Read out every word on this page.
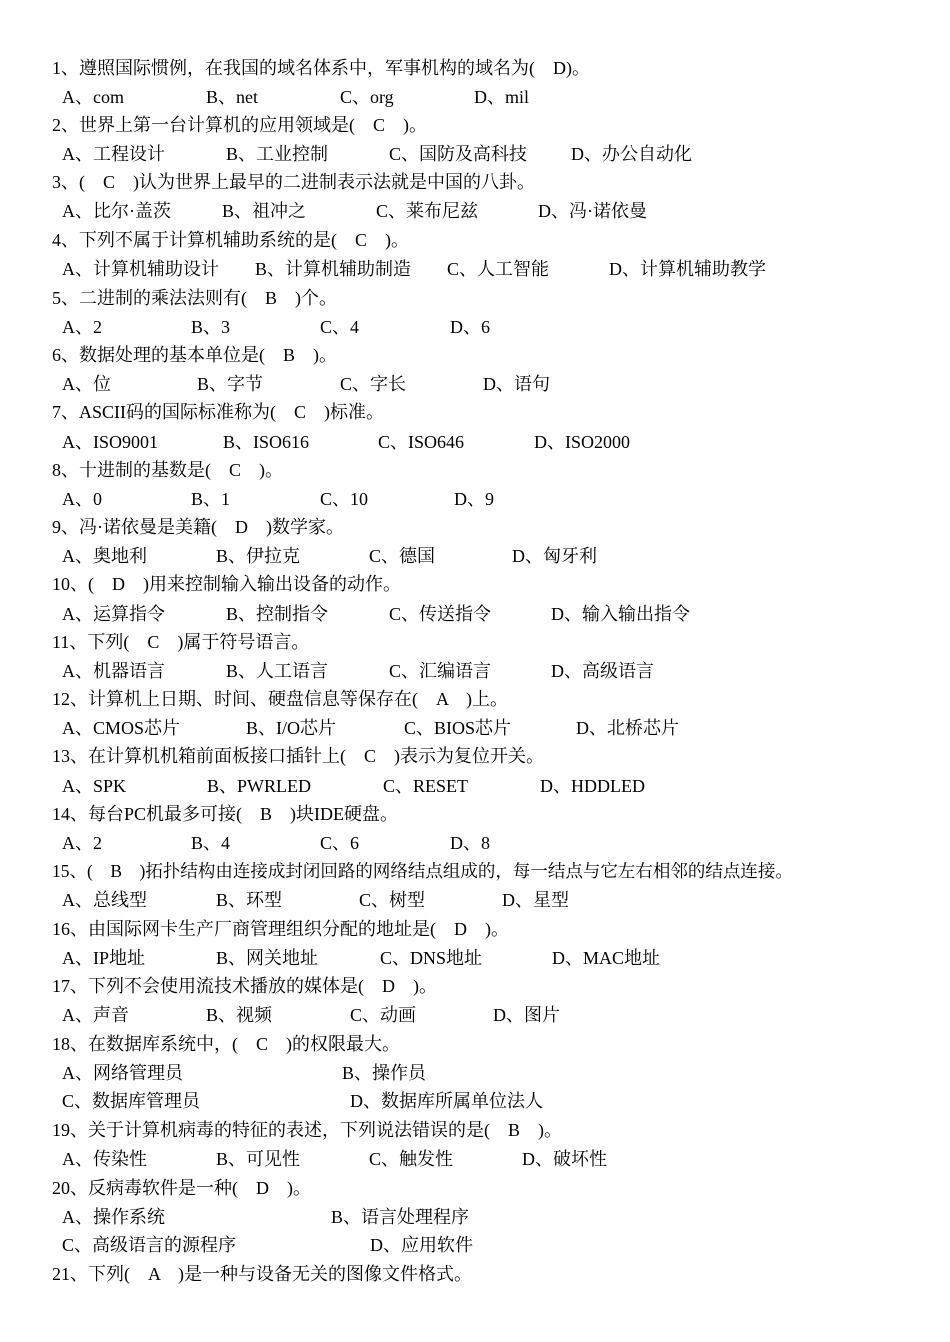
1、遵照国际惯例，在我国的域名体系中，军事机构的域名为(　D)。
A、com	B、net	C、org	D、mil
2、世界上第一台计算机的应用领域是(　C　)。
A、工程设计	B、工业控制	C、国防及高科技 D、办公自动化
3、(　C　)认为世界上最早的二进制表示法就是中国的八卦。
A、比尔·盖茨	B、祖冲之	C、莱布尼兹	D、冯·诺依曼
4、下列不属于计算机辅助系统的是(　C　)。
A、计算机辅助设计 B、计算机辅助制造 C、人工智能	D、计算机辅助教学
5、二进制的乘法法则有(　B　)个。
A、2	B、3	C、4	D、6
6、数据处理的基本单位是(　B　)。
A、位	B、字节	C、字长	D、语句
7、ASCII码的国际标准称为(　C　)标准。
A、ISO9001	B、ISO616	C、ISO646	D、ISO2000
8、十进制的基数是(　C　)。
A、0	B、1	C、10	D、9
9、冯·诺依曼是美籍(　D　)数学家。
A、奥地利	B、伊拉克	C、德国	D、匈牙利
10、(　D　)用来控制输入输出设备的动作。
A、运算指令	B、控制指令	C、传送指令	D、输入输出指令
11、下列(　C　)属于符号语言。
A、机器语言	B、人工语言	C、汇编语言	D、高级语言
12、计算机上日期、时间、硬盘信息等保存在(　A　)上。
A、CMOS芯片	B、I/O芯片	C、BIOS芯片	D、北桥芯片
13、在计算机机箱前面板接口插针上(　C　)表示为复位开关。
A、SPK	B、PWRLED	C、RESET	D、HDDLED
14、每台PC机最多可接(　B　)块IDE硬盘。
A、2	B、4	C、6	D、8
15、(　B　)拓扑结构由连接成封闭回路的网络结点组成的，每一结点与它左右相邻的结点连接。
A、总线型	B、环型	C、树型	D、星型
16、由国际网卡生产厂商管理组织分配的地址是(　D　)。
A、IP地址	B、网关地址	C、DNS地址	D、MAC地址
17、下列不会使用流技术播放的媒体是(　D　)。
A、声音	B、视频	C、动画	D、图片
18、在数据库系统中，(　C　)的权限最大。
A、网络管理员	B、操作员
C、数据库管理员	D、数据库所属单位法人
19、关于计算机病毒的特征的表述，下列说法错误的是(　B　)。
A、传染性	B、可见性	C、触发性	D、破坏性
20、反病毒软件是一种(　D　)。
A、操作系统	B、语言处理程序
C、高级语言的源程序	D、应用软件
21、下列(　A　)是一种与设备无关的图像文件格式。
